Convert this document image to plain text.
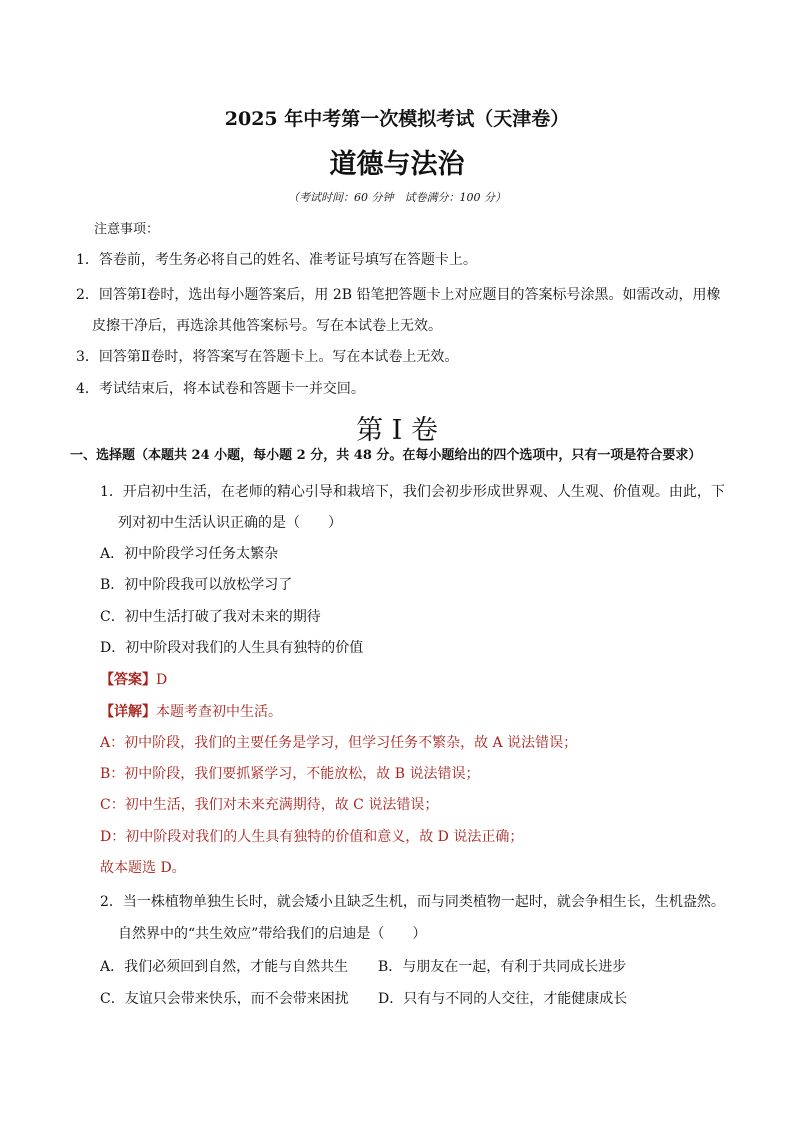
2025 年中考第一次模拟考试（天津卷）
道德与法治
（考试时间：60 分钟　试卷满分：100 分）
注意事项：
1．答卷前，考生务必将自己的姓名、准考证号填写在答题卡上。
2．回答第Ⅰ卷时，选出每小题答案后，用 2B 铅笔把答题卡上对应题目的答案标号涂黑。如需改动，用橡
皮擦干净后，再选涂其他答案标号。写在本试卷上无效。
3．回答第Ⅱ卷时，将答案写在答题卡上。写在本试卷上无效。
4．考试结束后，将本试卷和答题卡一并交回。
第 I 卷
一、选择题（本题共 24 小题，每小题 2 分，共 48 分。在每小题给出的四个选项中，只有一项是符合要求）
1．开启初中生活，在老师的精心引导和栽培下，我们会初步形成世界观、人生观、价值观。由此，下
列对初中生活认识正确的是（　　）
A．初中阶段学习任务太繁杂
B．初中阶段我可以放松学习了
C．初中生活打破了我对未来的期待
D．初中阶段对我们的人生具有独特的价值
【答案】D
【详解】本题考查初中生活。
A：初中阶段，我们的主要任务是学习，但学习任务不繁杂，故 A 说法错误；
B：初中阶段，我们要抓紧学习，不能放松，故 B 说法错误；
C：初中生活，我们对未来充满期待，故 C 说法错误；
D：初中阶段对我们的人生具有独特的价值和意义，故 D 说法正确；
故本题选 D。
2．当一株植物单独生长时，就会矮小且缺乏生机，而与同类植物一起时，就会争相生长，生机盎然。
自然界中的“共生效应”带给我们的启迪是（　　）
A．我们必须回到自然，才能与自然共生 B．与朋友在一起，有利于共同成长进步
C．友谊只会带来快乐，而不会带来困扰 D．只有与不同的人交往，才能健康成长
